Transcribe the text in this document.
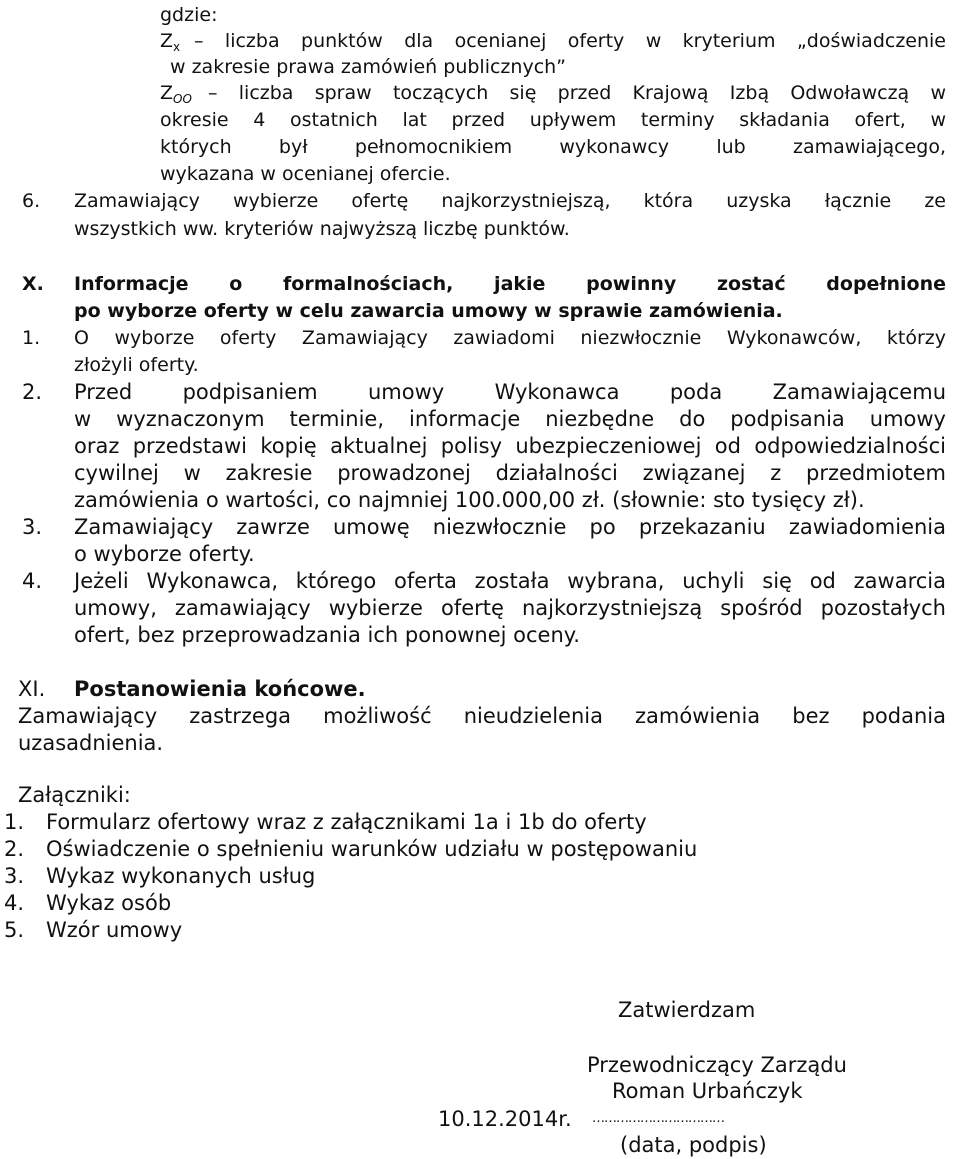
gdzie:
$Z_x$ – liczba punktów dla ocenianej oferty w kryterium „doświadczenie
w zakresie prawa zamówień publicznych”
$Z_{OO}$ – liczba spraw toczących się przed Krajową Izbą Odwoławczą w
okresie 4 ostatnich lat przed upływem terminy składania ofert, w
których był pełnomocnikiem wykonawcy lub zamawiającego,
wykazana w ocenianej ofercie.
6. Zamawiający wybierze ofertę najkorzystniejszą, która uzyska łącznie ze
wszystkich ww. kryteriów najwyższą liczbę punktów.
X. Informacje o formalnościach, jakie powinny zostać dopełnione
po wyborze oferty w celu zawarcia umowy w sprawie zamówienia.
1. O wyborze oferty Zamawiający zawiadomi niezwłocznie Wykonawców, którzy
złożyli oferty.
2. Przed podpisaniem umowy Wykonawca poda Zamawiającemu
w wyznaczonym terminie, informacje niezbędne do podpisania umowy
oraz przedstawi kopię aktualnej polisy ubezpieczeniowej od odpowiedzialności
cywilnej w zakresie prowadzonej działalności związanej z przedmiotem
zamówienia o wartości, co najmniej 100.000,00 zł. (słownie: sto tysięcy zł).
3. Zamawiający zawrze umowę niezwłocznie po przekazaniu zawiadomienia
o wyborze oferty.
4. Jeżeli Wykonawca, którego oferta została wybrana, uchyli się od zawarcia
umowy, zamawiający wybierze ofertę najkorzystniejszą spośród pozostałych
ofert, bez przeprowadzania ich ponownej oceny.
XI. Postanowienia końcowe.
Zamawiający zastrzega możliwość nieudzielenia zamówienia bez podania
uzasadnienia.
Załączniki:
1. Formularz ofertowy wraz z załącznikami 1a i 1b do oferty
2. Oświadczenie o spełnieniu warunków udziału w postępowaniu
3. Wykaz wykonanych usług
4. Wykaz osób
5. Wzór umowy
Zatwierdzam
Przewodniczący Zarządu
Roman Urbańczyk
10.12.2014r. ……………………………
(data, podpis)
